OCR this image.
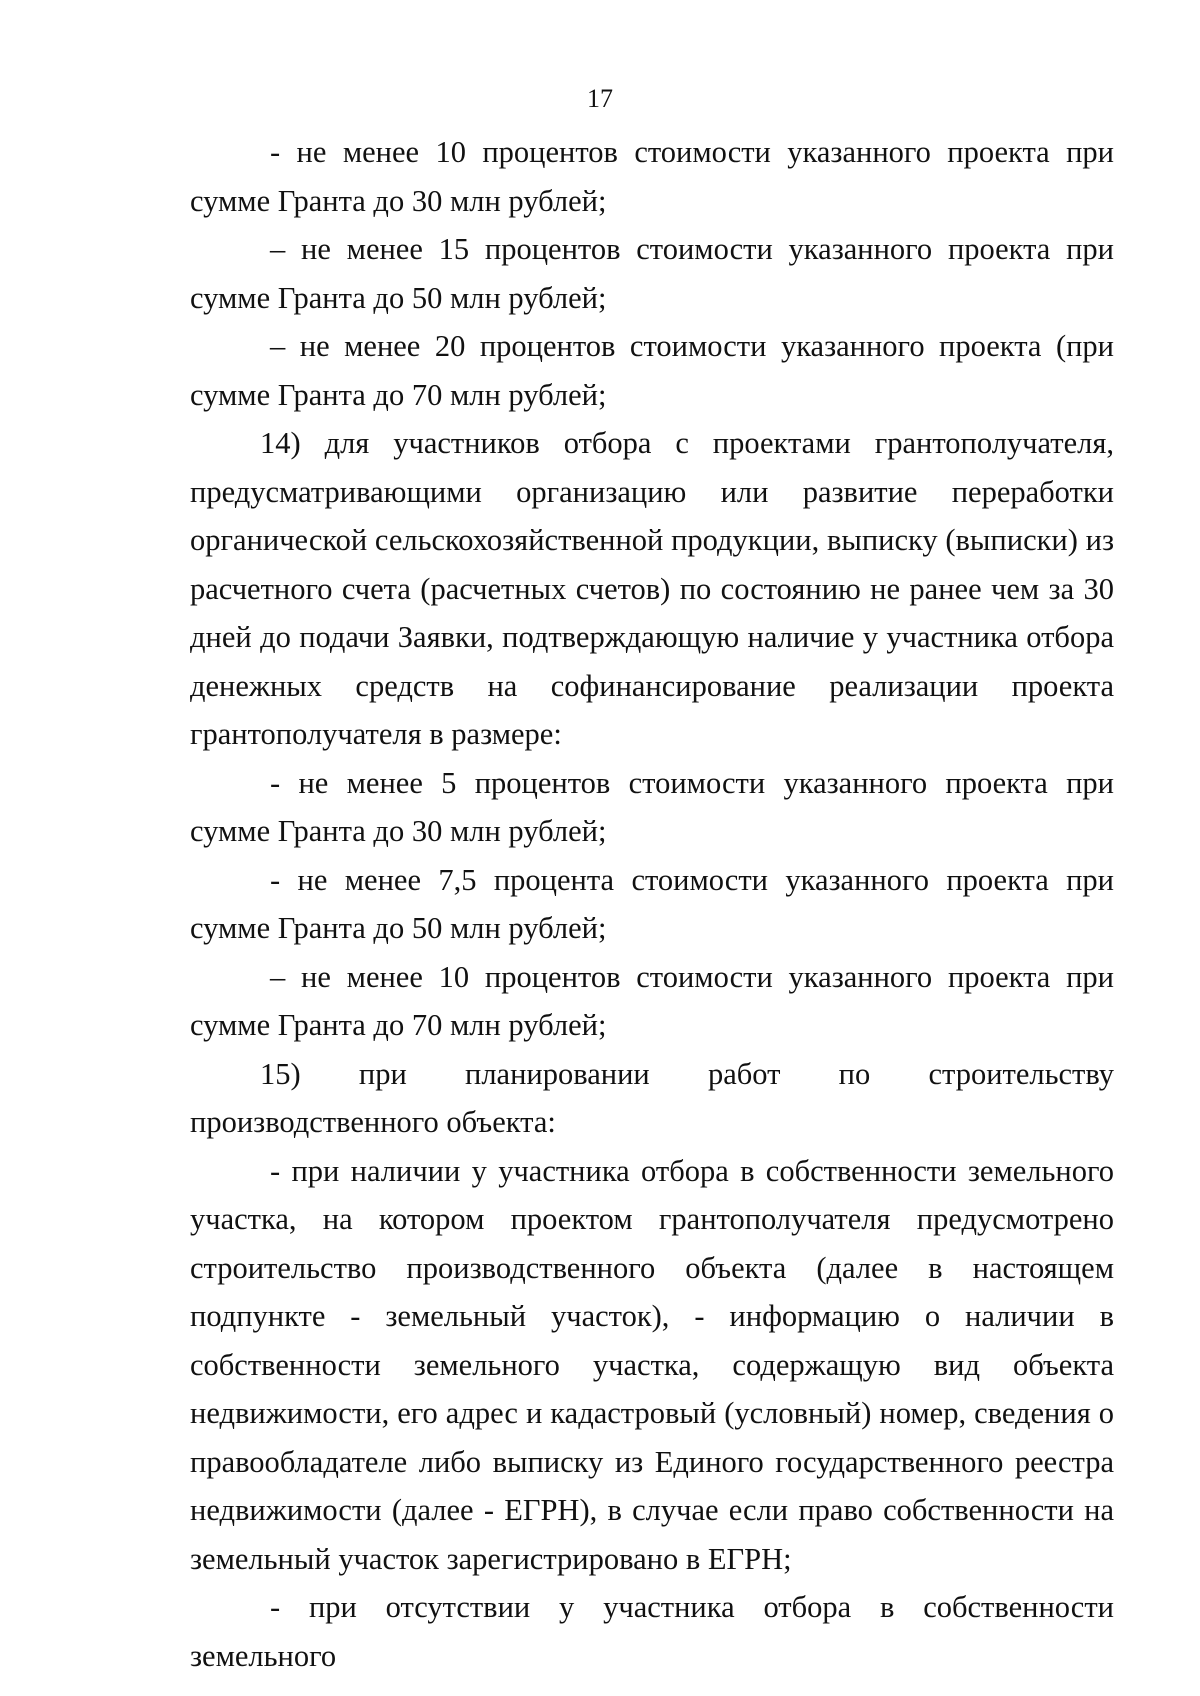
17

- не менее 10 процентов стоимости указанного проекта при сумме Гранта до 30 млн рублей;

– не менее 15 процентов стоимости указанного проекта при сумме Гранта до 50 млн рублей;

– не менее 20 процентов стоимости указанного проекта (при сумме Гранта до 70 млн рублей;

14) для участников отбора с проектами грантополучателя, предусматривающими организацию или развитие переработки органической сельскохозяйственной продукции, выписку (выписки) из расчетного счета (расчетных счетов) по состоянию не ранее чем за 30 дней до подачи Заявки, подтверждающую наличие у участника отбора денежных средств на софинансирование реализации проекта грантополучателя в размере:

- не менее 5 процентов стоимости указанного проекта при сумме Гранта до 30 млн рублей;

- не менее 7,5 процента стоимости указанного проекта при сумме Гранта до 50 млн рублей;

– не менее 10 процентов стоимости указанного проекта при сумме Гранта до 70 млн рублей;

15) при планировании работ по строительству производственного объекта:

- при наличии у участника отбора в собственности земельного участка, на котором проектом грантополучателя предусмотрено строительство производственного объекта (далее в настоящем подпункте - земельный участок), - информацию о наличии в собственности земельного участка, содержащую вид объекта недвижимости, его адрес и кадастровый (условный) номер, сведения о правообладателе либо выписку из Единого государственного реестра недвижимости (далее - ЕГРН), в случае если право собственности на земельный участок зарегистрировано в ЕГРН;

- при отсутствии у участника отбора в собственности земельного
